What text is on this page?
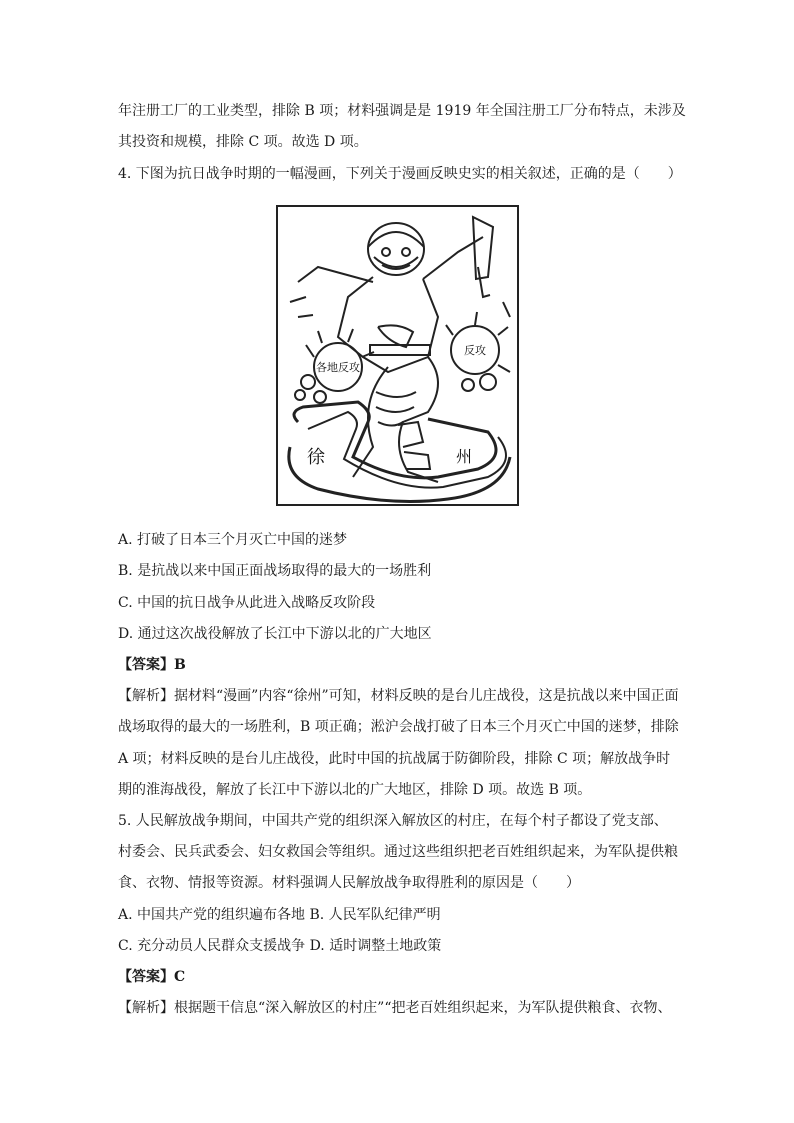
年注册工厂的工业类型，排除 B 项；材料强调是是 1919 年全国注册工厂分布特点，未涉及
其投资和规模，排除 C 项。故选 D 项。
4. 下图为抗日战争时期的一幅漫画，下列关于漫画反映史实的相关叙述，正确的是（　　）
各地反攻
反攻
徐	州
A. 打破了日本三个月灭亡中国的迷梦
B. 是抗战以来中国正面战场取得的最大的一场胜利
C. 中国的抗日战争从此进入战略反攻阶段
D. 通过这次战役解放了长江中下游以北的广大地区
【答案】B
【解析】据材料“漫画”内容“徐州”可知，材料反映的是台儿庄战役，这是抗战以来中国正面
战场取得的最大的一场胜利，B 项正确；淞沪会战打破了日本三个月灭亡中国的迷梦，排除
A 项；材料反映的是台儿庄战役，此时中国的抗战属于防御阶段，排除 C 项；解放战争时
期的淮海战役，解放了长江中下游以北的广大地区，排除 D 项。故选 B 项。
5. 人民解放战争期间，中国共产党的组织深入解放区的村庄，在每个村子都设了党支部、
村委会、民兵武委会、妇女救国会等组织。通过这些组织把老百姓组织起来，为军队提供粮
食、衣物、情报等资源。材料强调人民解放战争取得胜利的原因是（　　）
A. 中国共产党的组织遍布各地 B. 人民军队纪律严明
C. 充分动员人民群众支援战争 D. 适时调整土地政策
【答案】C
【解析】根据题干信息“深入解放区的村庄”“把老百姓组织起来，为军队提供粮食、衣物、
